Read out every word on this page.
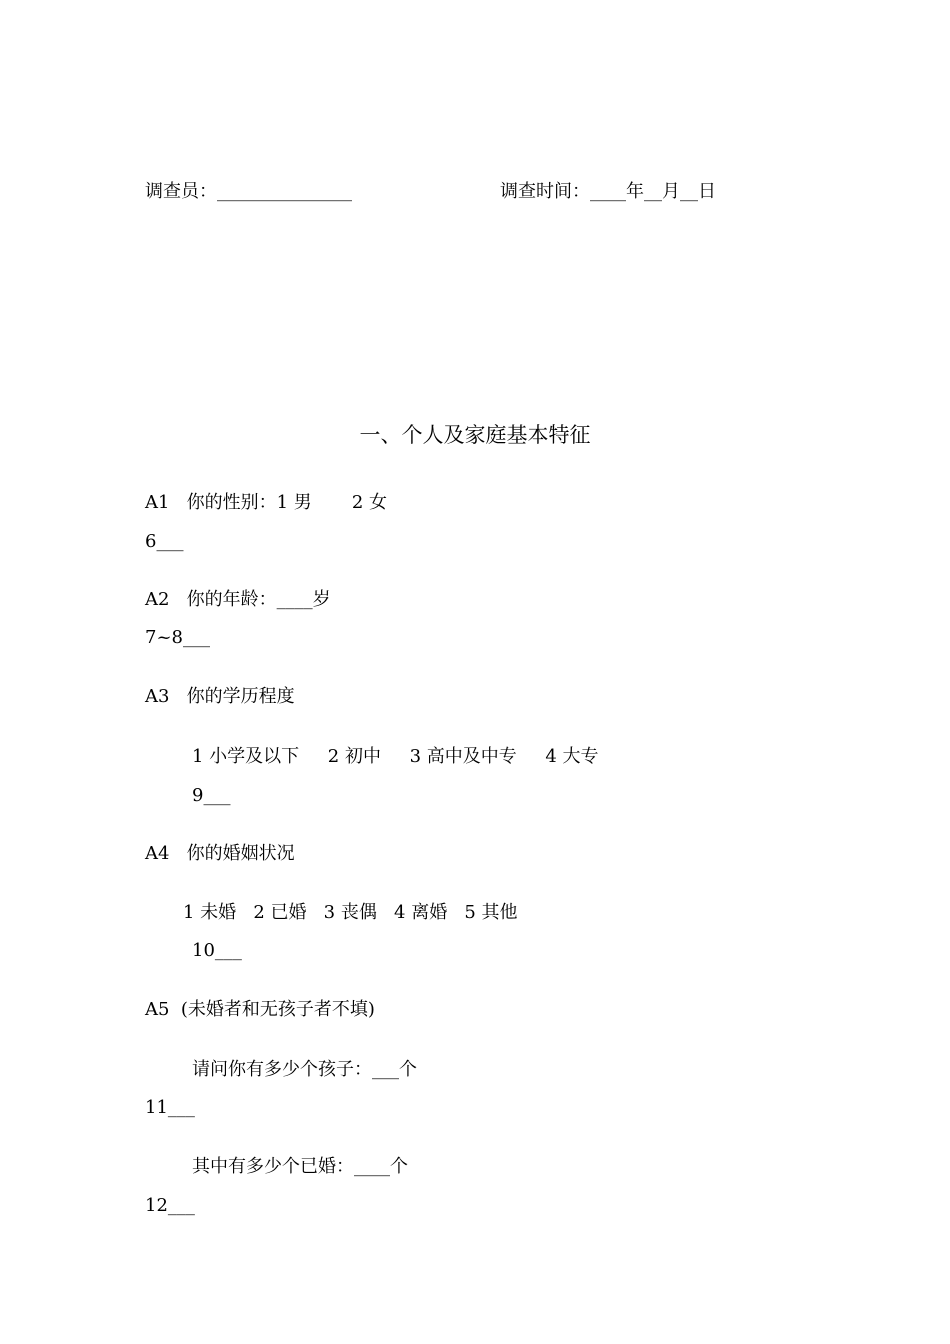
调查员：_______________	调查时间：____年__月__日
一、个人及家庭基本特征
A1   你的性别：1 男       2 女
6___
A2   你的年龄：____岁
7~8___
A3   你的学历程度
1 小学及以下     2 初中     3 高中及中专     4 大专
9___
A4   你的婚姻状况
1 未婚   2 已婚   3 丧偶   4 离婚   5 其他
10___
A5  (未婚者和无孩子者不填)
请问你有多少个孩子：___个
11___
其中有多少个已婚：____个
12___
